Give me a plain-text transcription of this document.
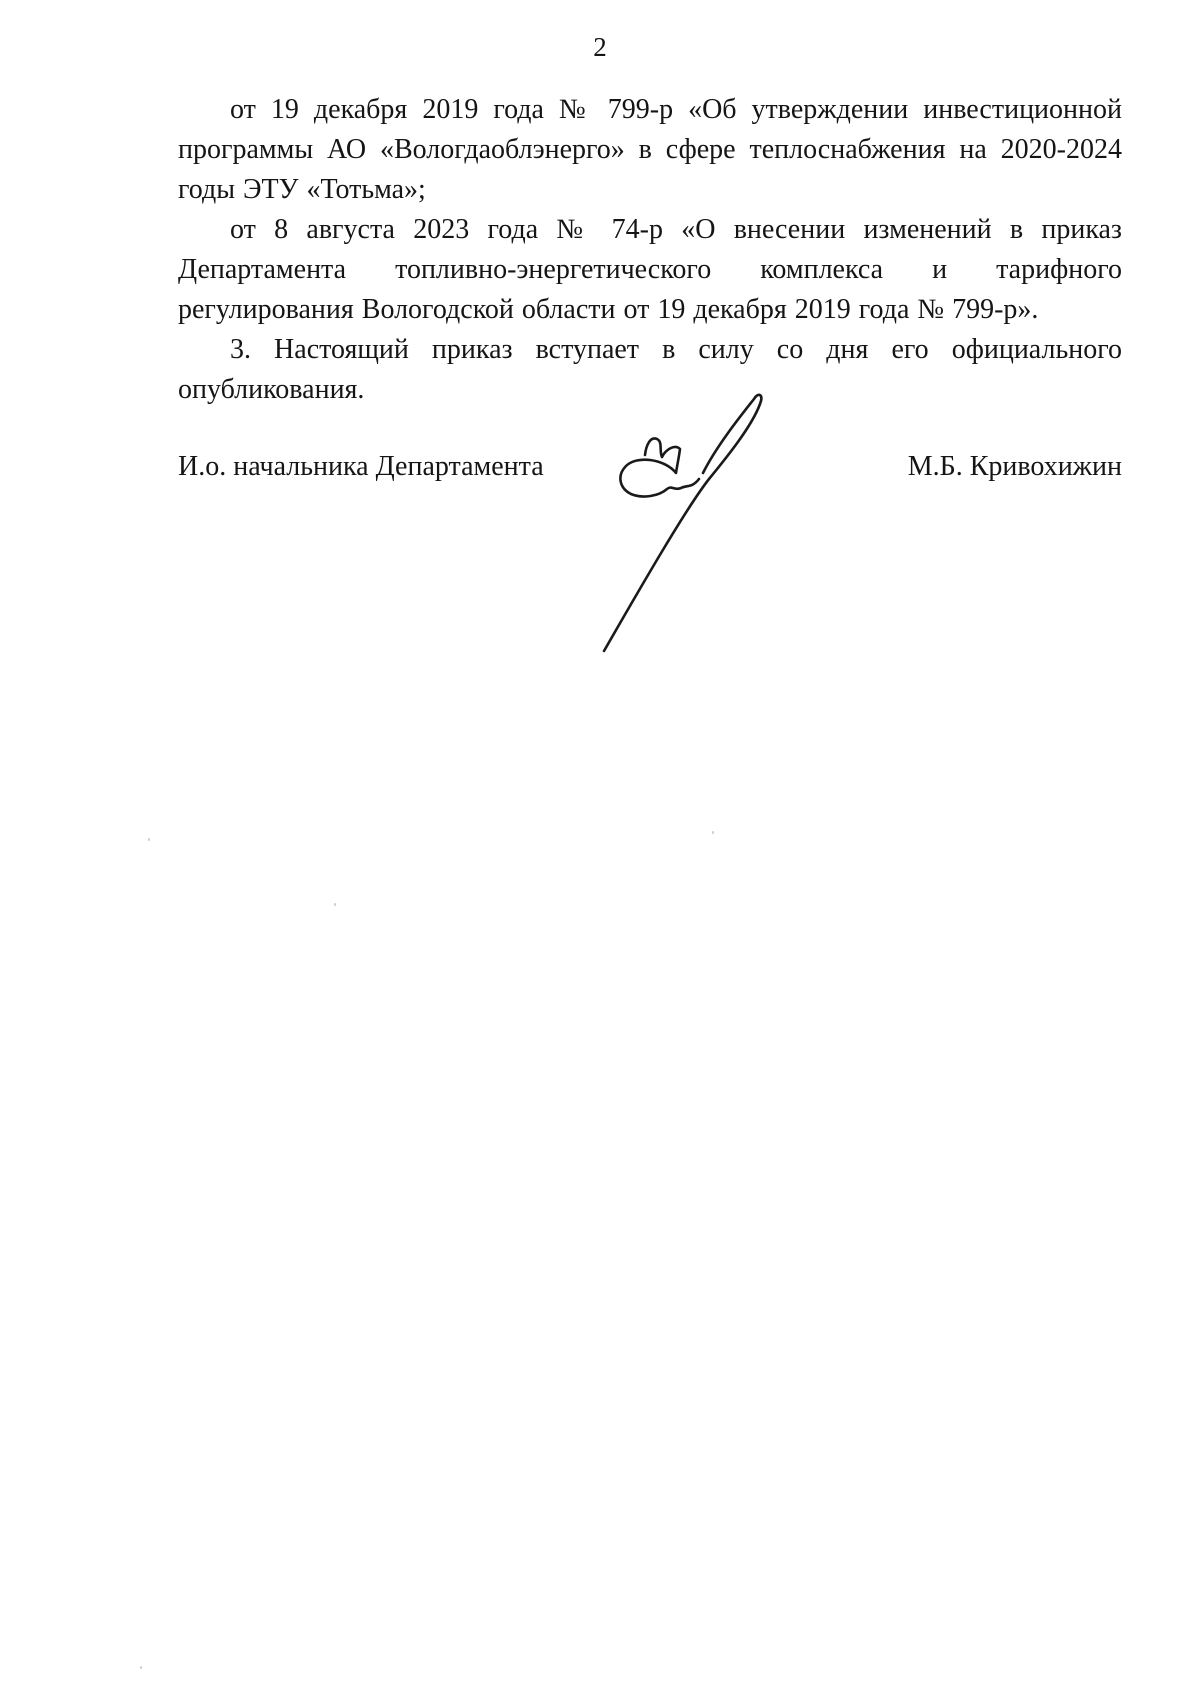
2
от 19 декабря 2019 года № 799-р «Об утверждении инвестиционной
программы АО «Вологдаоблэнерго» в сфере теплоснабжения на 2020-2024
годы ЭТУ «Тотьма»;
от 8 августа 2023 года № 74-р «О внесении изменений в приказ
Департамента топливно-энергетического комплекса и тарифного
регулирования Вологодской области от 19 декабря 2019 года № 799-р».
3. Настоящий приказ вступает в силу со дня его официального
опубликования.
И.о. начальника Департамента	М.Б. Кривохижин
